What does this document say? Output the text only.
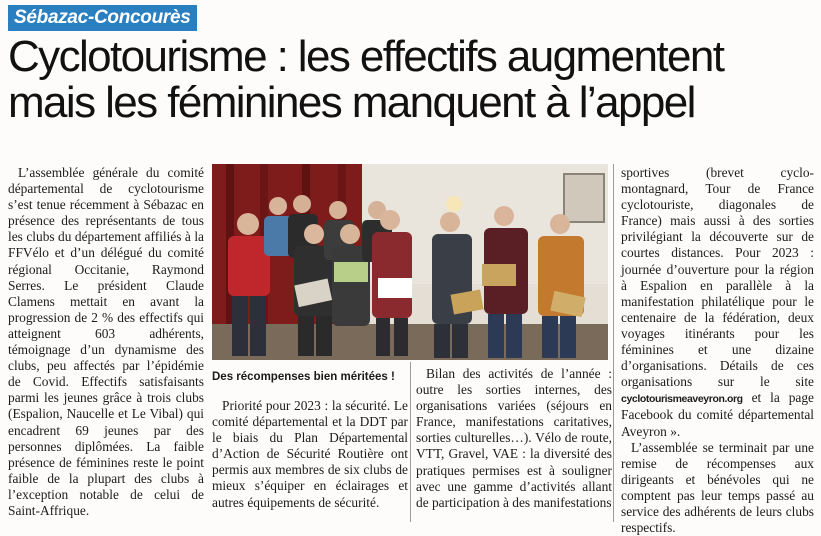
Sébazac-Concourès
Cyclotourisme : les effectifs augmentent mais les féminines manquent à l’appel

L’assemblée générale du comité départemental de cyclotourisme s’est tenue récemment à Sébazac en présence des représentants de tous les clubs du département affiliés à la FFVélo et d’un délégué du comité régional Occitanie, Raymond Serres. Le président Claude Clamens mettait en avant la progression de 2 % des effectifs qui atteignent 603 adhérents, témoignage d’un dynamisme des clubs, peu affectés par l’épidémie de Covid. Effectifs satisfaisants parmi les jeunes grâce à trois clubs (Espalion, Naucelle et Le Vibal) qui encadrent 69 jeunes par des personnes diplômées. La faible présence de féminines reste le point faible de la plupart des clubs à l’exception notable de celui de Saint-Affrique.

Des récompenses bien méritées !

Priorité pour 2023 : la sécurité. Le comité départemental et la DDT par le biais du Plan Départemental d’Action de Sécurité Routière ont permis aux membres de six clubs de mieux s’équiper en éclairages et autres équipements de sécurité.

Bilan des activités de l’année : outre les sorties internes, des organisations variées (séjours en France, manifestations caritatives, sorties culturelles…). Vélo de route, VTT, Gravel, VAE : la diversité des pratiques permises est à souligner avec une gamme d’activités allant de participation à des manifestations

sportives (brevet cyclo-montagnard, Tour de France cyclotouriste, diagonales de France) mais aussi à des sorties privilégiant la découverte sur de courtes distances. Pour 2023 : journée d’ouverture pour la région à Espalion en parallèle à la manifestation philatélique pour le centenaire de la fédération, deux voyages itinérants pour les féminines et une dizaine d’organisations. Détails de ces organisations sur le site cyclotourismeaveyron.org et la page Facebook du comité départemental Aveyron ».

L’assemblée se terminait par une remise de récompenses aux dirigeants et bénévoles qui ne comptent pas leur temps passé au service des adhérents de leurs clubs respectifs.
